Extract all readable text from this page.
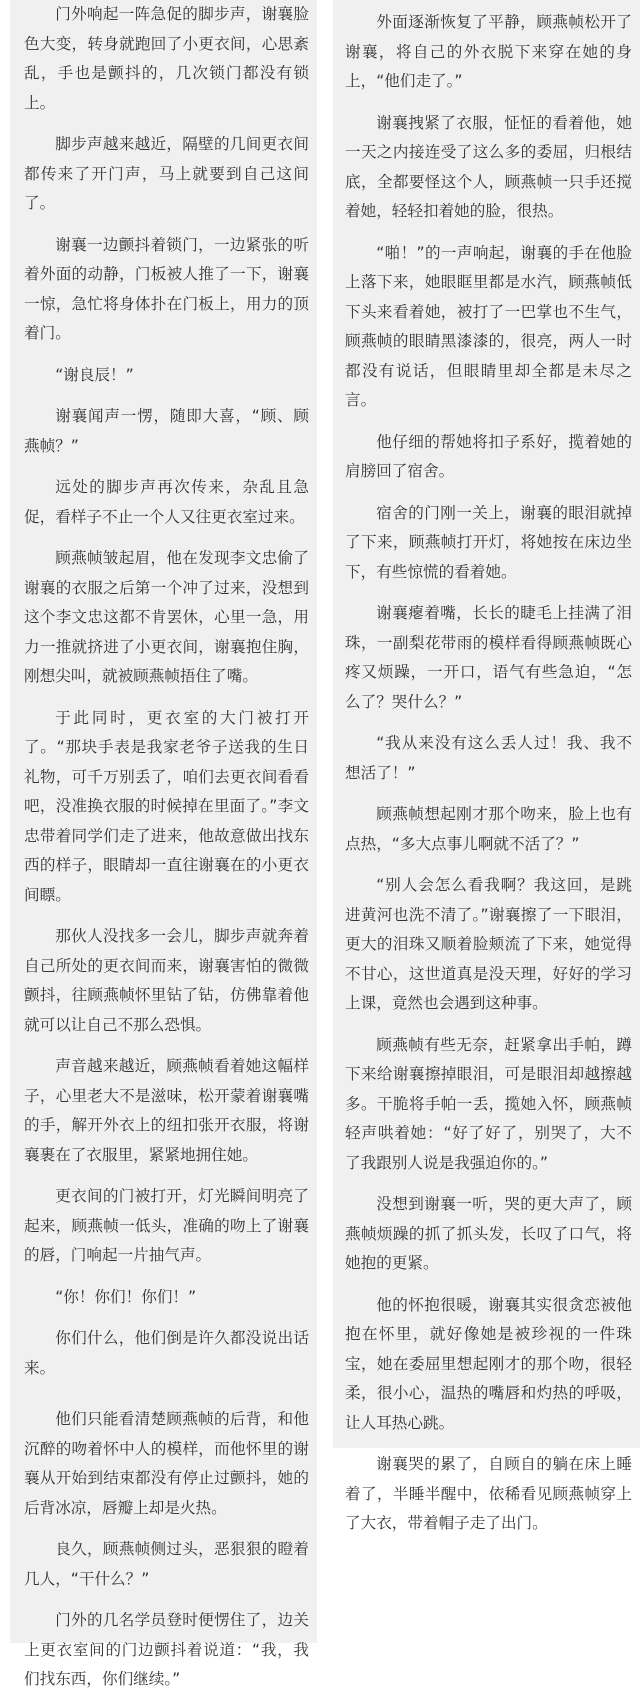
门外响起一阵急促的脚步声，谢襄脸色大变，转身就跑回了小更衣间，心思紊乱，手也是颤抖的，几次锁门都没有锁上。

脚步声越来越近，隔壁的几间更衣间都传来了开门声，马上就要到自己这间了。

谢襄一边颤抖着锁门，一边紧张的听着外面的动静，门板被人推了一下，谢襄一惊，急忙将身体扑在门板上，用力的顶着门。

“谢良辰！”

谢襄闻声一愣，随即大喜，“顾、顾燕帧？”

远处的脚步声再次传来，杂乱且急促，看样子不止一个人又往更衣室过来。

顾燕帧皱起眉，他在发现李文忠偷了谢襄的衣服之后第一个冲了过来，没想到这个李文忠这都不肯罢休，心里一急，用力一推就挤进了小更衣间，谢襄抱住胸，刚想尖叫，就被顾燕帧捂住了嘴。

于此同时，更衣室的大门被打开了。“那块手表是我家老爷子送我的生日礼物，可千万别丢了，咱们去更衣间看看吧，没准换衣服的时候掉在里面了。”李文忠带着同学们走了进来，他故意做出找东西的样子，眼睛却一直往谢襄在的小更衣间瞟。

那伙人没找多一会儿，脚步声就奔着自己所处的更衣间而来，谢襄害怕的微微颤抖，往顾燕帧怀里钻了钻，仿佛靠着他就可以让自己不那么恐惧。

声音越来越近，顾燕帧看着她这幅样子，心里老大不是滋味，松开蒙着谢襄嘴的手，解开外衣上的纽扣张开衣服，将谢襄裹在了衣服里，紧紧地拥住她。

更衣间的门被打开，灯光瞬间明亮了起来，顾燕帧一低头，准确的吻上了谢襄的唇，门响起一片抽气声。

“你！你们！你们！”

你们什么，他们倒是许久都没说出话来。

他们只能看清楚顾燕帧的后背，和他沉醉的吻着怀中人的模样，而他怀里的谢襄从开始到结束都没有停止过颤抖，她的后背冰凉，唇瓣上却是火热。

良久，顾燕帧侧过头，恶狠狠的瞪着几人，“干什么？”

门外的几名学员登时便愣住了，边关上更衣室间的门边颤抖着说道：“我，我们找东西，你们继续。”

外面逐渐恢复了平静，顾燕帧松开了谢襄，将自己的外衣脱下来穿在她的身上，“他们走了。”

谢襄拽紧了衣服，怔怔的看着他，她一天之内接连受了这么多的委屈，归根结底，全都要怪这个人，顾燕帧一只手还搅着她，轻轻扣着她的脸，很热。

“啪！”的一声响起，谢襄的手在他脸上落下来，她眼眶里都是水汽，顾燕帧低下头来看着她，被打了一巴掌也不生气，顾燕帧的眼睛黑漆漆的，很亮，两人一时都没有说话，但眼睛里却全都是未尽之言。

他仔细的帮她将扣子系好，揽着她的肩膀回了宿舍。

宿舍的门刚一关上，谢襄的眼泪就掉了下来，顾燕帧打开灯，将她按在床边坐下，有些惊慌的看着她。

谢襄瘪着嘴，长长的睫毛上挂满了泪珠，一副梨花带雨的模样看得顾燕帧既心疼又烦躁，一开口，语气有些急迫，“怎么了？哭什么？”

“我从来没有这么丢人过！我、我不想活了！”

顾燕帧想起刚才那个吻来，脸上也有点热，“多大点事儿啊就不活了？”

“别人会怎么看我啊？我这回，是跳进黄河也洗不清了。”谢襄擦了一下眼泪，更大的泪珠又顺着脸颊流了下来，她觉得不甘心，这世道真是没天理，好好的学习上课，竟然也会遇到这种事。

顾燕帧有些无奈，赶紧拿出手帕，蹲下来给谢襄擦掉眼泪，可是眼泪却越擦越多。干脆将手帕一丢，揽她入怀，顾燕帧轻声哄着她：“好了好了，别哭了，大不了我跟别人说是我强迫你的。”

没想到谢襄一听，哭的更大声了，顾燕帧烦躁的抓了抓头发，长叹了口气，将她抱的更紧。

他的怀抱很暖，谢襄其实很贪恋被他抱在怀里，就好像她是被珍视的一件珠宝，她在委屈里想起刚才的那个吻，很轻柔，很小心，温热的嘴唇和灼热的呼吸，让人耳热心跳。

谢襄哭的累了，自顾自的躺在床上睡着了，半睡半醒中，依稀看见顾燕帧穿上了大衣，带着帽子走了出门。
